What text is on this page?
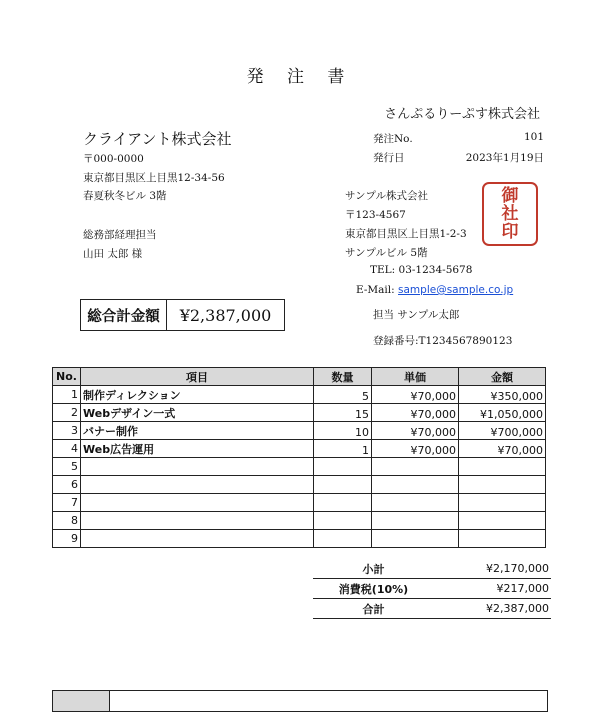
発 注 書
さんぷるりーぷす株式会社
クライアント株式会社
〒000-0000
東京都目黒区上目黒12-34-56
春夏秋冬ビル 3階
総務部経理担当
山田 太郎 様
発注No.	101
発行日	2023年1月19日
サンプル株式会社
〒123-4567
東京都目黒区上目黒1-2-3
サンプルビル 5階
TEL: 03-1234-5678
E-Mail: sample@sample.co.jp
担当 サンプル太郎
登録番号:T1234567890123
御
社
印
総合計金額	¥2,387,000
No.	項目	数量	単価	金額
1	制作ディレクション	5	¥70,000	¥350,000
2	Webデザイン一式	15	¥70,000	¥1,050,000
3	バナー制作	10	¥70,000	¥700,000
4	Web広告運用	1	¥70,000	¥70,000
5				
6				
7				
8				
9				
小計	¥2,170,000
消費税(10%)	¥217,000
合計	¥2,387,000
